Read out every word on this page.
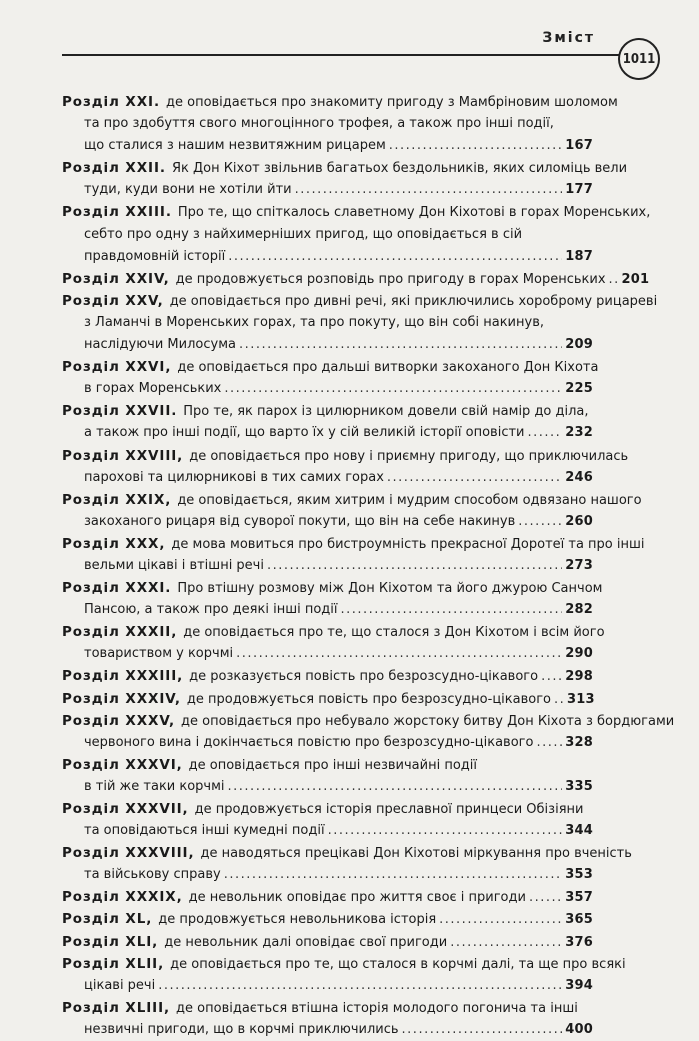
Зміст
1011
Розділ XXI. де оповідається про знакомиту пригоду з Мамбріновим шоломом
та про здобуття свого многоцінного трофея, а також про інші події,
що сталися з нашим незвитяжним рицарем .....	167
Розділ XXII. Як Дон Кіхот звільнив багатьох бездольників, яких силоміць вели
туди, куди вони не хотіли йти .....	177
Розділ XXIII. Про те, що спіткалось славетному Дон Кіхотові в горах Моренських,
себто про одну з найхимерніших пригод, що оповідається в сій
правдомовній історії .....	187
Розділ XXIV, де продовжується розповідь про пригоду в горах Моренських ..... 201
Розділ XXV, де оповідається про дивні речі, які приключились хороброму рицареві
з Ламанчі в Моренських горах, та про покуту, що він собі накинув,
наслідуючи Милосума .....	209
Розділ XXVI, де оповідається про дальші витворки закоханого Дон Кіхота
в горах Моренських .....	225
Розділ XXVII. Про те, як парох із цилюрником довели свій намір до діла,
а також про інші події, що варто їх у сій великій історії оповісти .....	232
Розділ XXVIII, де оповідається про нову і приємну пригоду, що приключилась
парохові та цилюрникові в тих самих горах .....	246
Розділ XXIX, де оповідається, яким хитрим і мудрим способом одвязано нашого
закоханого рицаря від суворої покути, що він на себе накинув .....	260
Розділ XXX, де мова мовиться про бистроумність прекрасної Доротеї та про інші
вельми цікаві і втішні речі .....	273
Розділ XXXI. Про втішну розмову між Дон Кіхотом та його джурою Санчом
Пансою, а також про деякі інші події .....	282
Розділ XXXII, де оповідається про те, що сталося з Дон Кіхотом і всім його
товариством у корчмі .....	290
Розділ XXXIII, де розказується повість про безрозсудно-цікавого ..... 298
Розділ XXXIV, де продовжується повість про безрозсудно-цікавого ..... 313
Розділ XXXV, де оповідається про небувало жорстоку битву Дон Кіхота з бордюгами
червоного вина і докінчається повістю про безрозсудно-цікавого ..... 328
Розділ XXXVI, де оповідається про інші незвичайні події
в тій же таки корчмі .....	335
Розділ XXXVII, де продовжується історія преславної принцеси Обізіяни
та оповідаються інші кумедні події .....	344
Розділ XXXVIII, де наводяться прецікаві Дон Кіхотові міркування про вченість
та військову справу .....	353
Розділ XXXIX, де невольник оповідає про життя своє і пригоди .....	357
Розділ XL, де продовжується невольникова історія .....	365
Розділ XLI, де невольник далі оповідає свої пригоди .....	376
Розділ XLII, де оповідається про те, що сталося в корчмі далі, та ще про всякі
цікаві речі .....	394
Розділ XLIII, де оповідається втішна історія молодого погонича та інші
незвичні пригоди, що в корчмі приключились .....	400
